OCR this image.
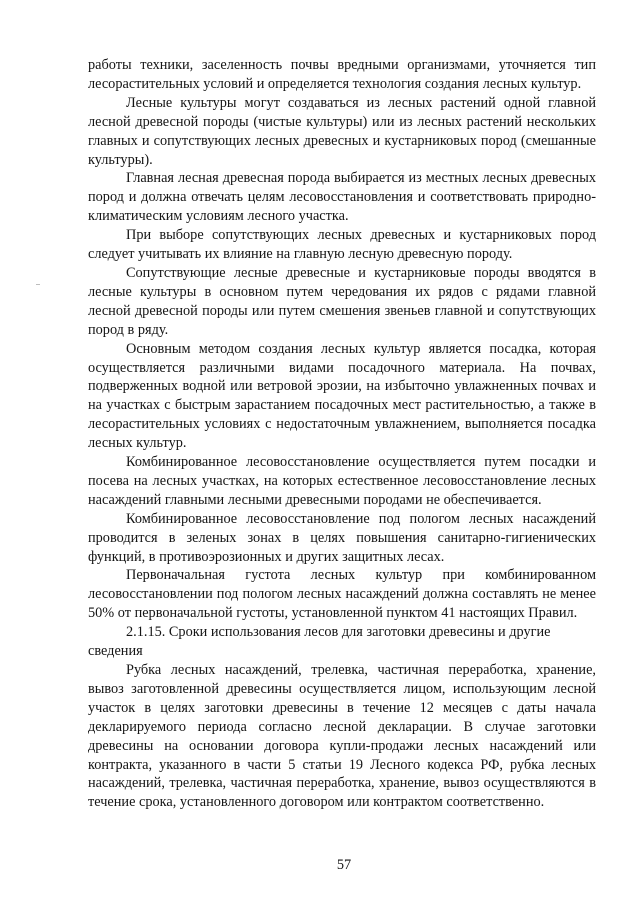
работы техники, заселенность почвы вредными организмами, уточняется тип лесорастительных условий и определяется технология создания лесных культур.

Лесные культуры могут создаваться из лесных растений одной главной лесной древесной породы (чистые культуры) или из лесных растений нескольких главных и сопутствующих лесных древесных и кустарниковых пород (смешанные культуры).

Главная лесная древесная порода выбирается из местных лесных древесных пород и должна отвечать целям лесовосстановления и соответствовать природно-климатическим условиям лесного участка.

При выборе сопутствующих лесных древесных и кустарниковых пород следует учитывать их влияние на главную лесную древесную породу.

Сопутствующие лесные древесные и кустарниковые породы вводятся в лесные культуры в основном путем чередования их рядов с рядами главной лесной древесной породы или путем смешения звеньев главной и сопутствующих пород в ряду.

Основным методом создания лесных культур является посадка, которая осуществляется различными видами посадочного материала. На почвах, подверженных водной или ветровой эрозии, на избыточно увлажненных почвах и на участках с быстрым зарастанием посадочных мест растительностью, а также в лесорастительных условиях с недостаточным увлажнением, выполняется посадка лесных культур.

Комбинированное лесовосстановление осуществляется путем посадки и посева на лесных участках, на которых естественное лесовосстановление лесных насаждений главными лесными древесными породами не обеспечивается.

Комбинированное лесовосстановление под пологом лесных насаждений проводится в зеленых зонах в целях повышения санитарно-гигиенических функций, в противоэрозионных и других защитных лесах.

Первоначальная густота лесных культур при комбинированном лесовосстановлении под пологом лесных насаждений должна составлять не менее 50% от первоначальной густоты, установленной пунктом 41 настоящих Правил.

2.1.15. Сроки использования лесов для заготовки древесины и другие сведения

Рубка лесных насаждений, трелевка, частичная переработка, хранение, вывоз заготовленной древесины осуществляется лицом, использующим лесной участок в целях заготовки древесины в течение 12 месяцев с даты начала декларируемого периода согласно лесной декларации. В случае заготовки древесины на основании договора купли-продажи лесных насаждений или контракта, указанного в части 5 статьи 19 Лесного кодекса РФ, рубка лесных насаждений, трелевка, частичная переработка, хранение, вывоз осуществляются в течение срока, установленного договором или контрактом соответственно.

57
